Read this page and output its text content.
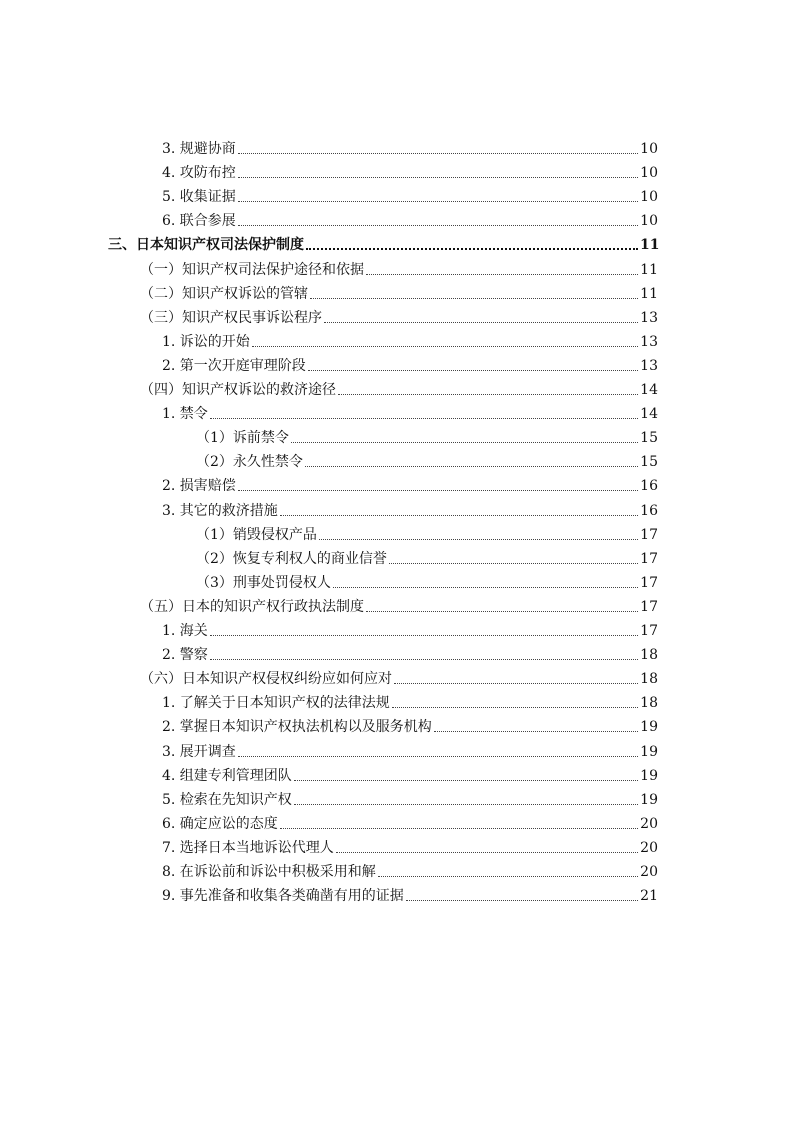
3. 规避协商	10
4. 攻防布控	10
5. 收集证据	10
6. 联合参展	10
三、日本知识产权司法保护制度	11
（一）知识产权司法保护途径和依据	11
（二）知识产权诉讼的管辖	11
（三）知识产权民事诉讼程序	13
1. 诉讼的开始	13
2. 第一次开庭审理阶段	13
（四）知识产权诉讼的救济途径	14
1. 禁令	14
（1）诉前禁令	15
（2）永久性禁令	15
2. 损害赔偿	16
3. 其它的救济措施	16
（1）销毁侵权产品	17
（2）恢复专利权人的商业信誉	17
（3）刑事处罚侵权人	17
（五）日本的知识产权行政执法制度	17
1. 海关	17
2. 警察	18
（六）日本知识产权侵权纠纷应如何应对	18
1. 了解关于日本知识产权的法律法规	18
2. 掌握日本知识产权执法机构以及服务机构	19
3. 展开调查	19
4. 组建专利管理团队	19
5. 检索在先知识产权	19
6. 确定应讼的态度	20
7. 选择日本当地诉讼代理人	20
8. 在诉讼前和诉讼中积极采用和解	20
9. 事先准备和收集各类确凿有用的证据	21
